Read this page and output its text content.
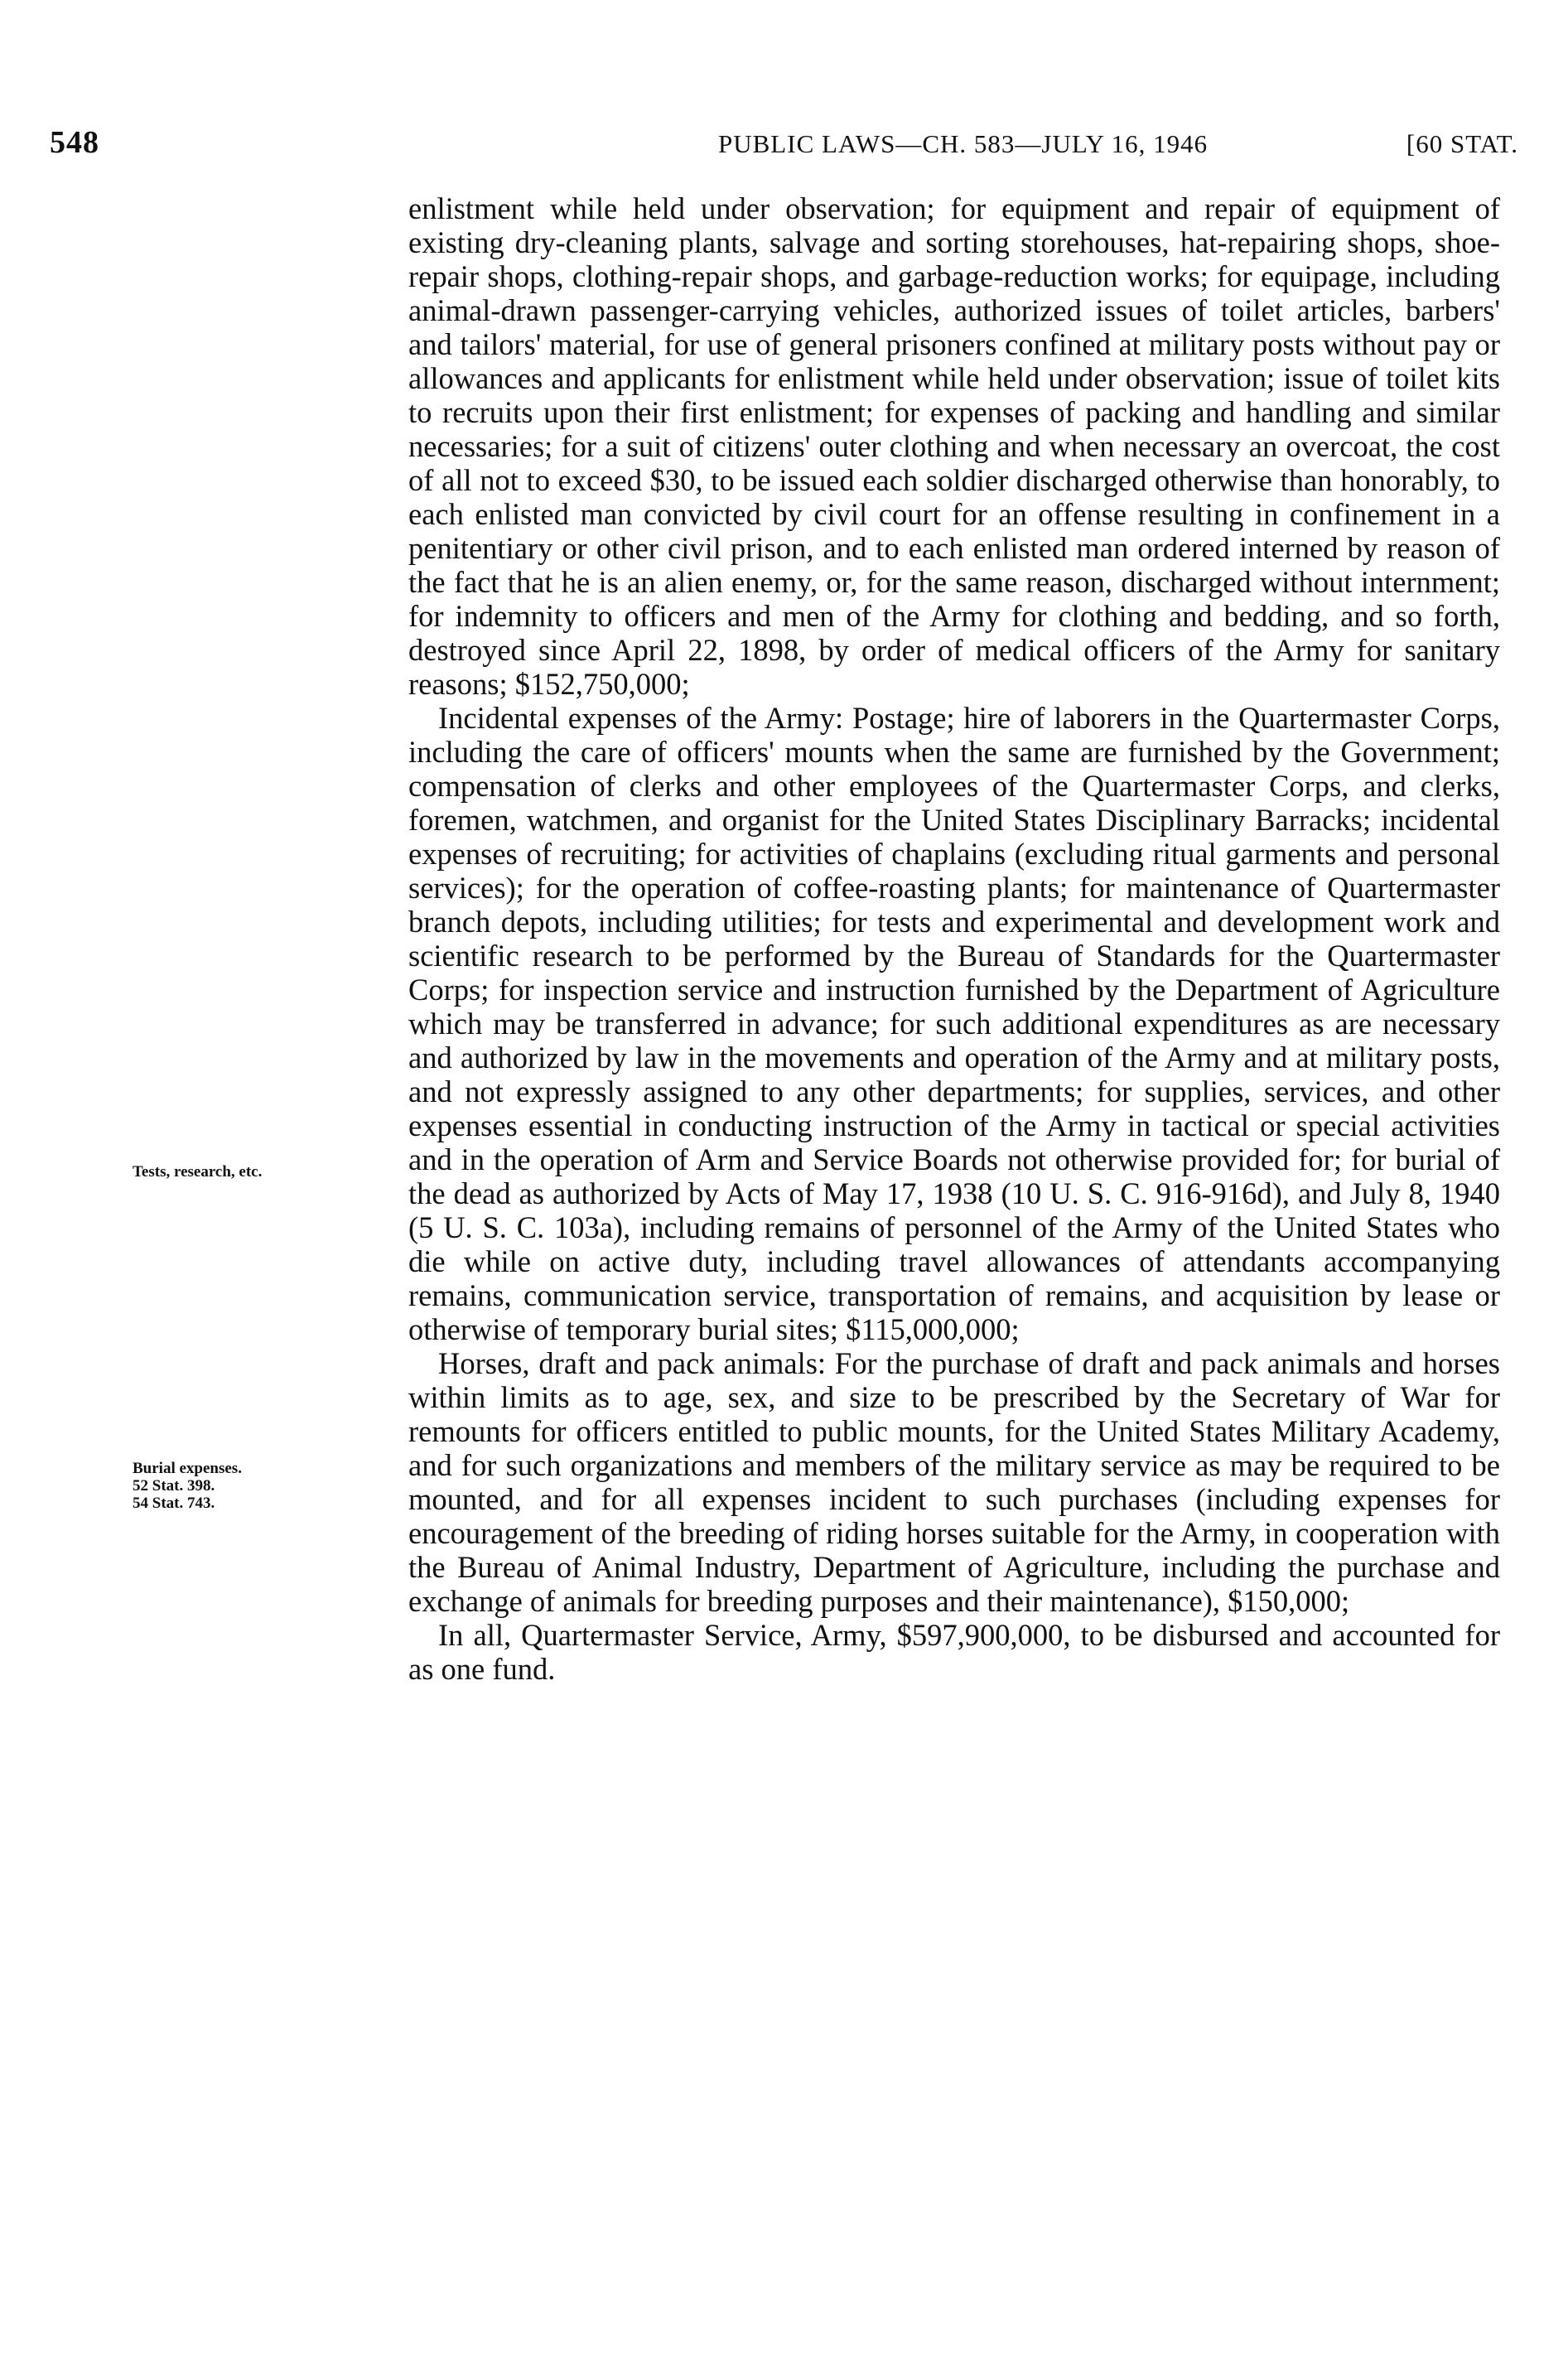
548	PUBLIC LAWS—CH. 583—JULY 16, 1946	[60 STAT.
Tests, research, etc.
Burial expenses.
52 Stat. 398.
54 Stat. 743.

enlistment while held under observation; for equipment and repair of equipment of existing dry-cleaning plants, salvage and sorting storehouses, hat-repairing shops, shoe-repair shops, clothing-repair shops, and garbage-reduction works; for equipage, including animal-drawn passenger-carrying vehicles, authorized issues of toilet articles, barbers' and tailors' material, for use of general prisoners confined at military posts without pay or allowances and applicants for enlistment while held under observation; issue of toilet kits to recruits upon their first enlistment; for expenses of packing and handling and similar necessaries; for a suit of citizens' outer clothing and when necessary an overcoat, the cost of all not to exceed $30, to be issued each soldier discharged otherwise than honorably, to each enlisted man convicted by civil court for an offense resulting in confinement in a penitentiary or other civil prison, and to each enlisted man ordered interned by reason of the fact that he is an alien enemy, or, for the same reason, discharged without internment; for indemnity to officers and men of the Army for clothing and bedding, and so forth, destroyed since April 22, 1898, by order of medical officers of the Army for sanitary reasons; $152,750,000;

Incidental expenses of the Army: Postage; hire of laborers in the Quartermaster Corps, including the care of officers' mounts when the same are furnished by the Government; compensation of clerks and other employees of the Quartermaster Corps, and clerks, foremen, watchmen, and organist for the United States Disciplinary Barracks; incidental expenses of recruiting; for activities of chaplains (excluding ritual garments and personal services); for the operation of coffee-roasting plants; for maintenance of Quartermaster branch depots, including utilities; for tests and experimental and development work and scientific research to be performed by the Bureau of Standards for the Quartermaster Corps; for inspection service and instruction furnished by the Department of Agriculture which may be transferred in advance; for such additional expenditures as are necessary and authorized by law in the movements and operation of the Army and at military posts, and not expressly assigned to any other departments; for supplies, services, and other expenses essential in conducting instruction of the Army in tactical or special activities and in the operation of Arm and Service Boards not otherwise provided for; for burial of the dead as authorized by Acts of May 17, 1938 (10 U. S. C. 916-916d), and July 8, 1940 (5 U. S. C. 103a), including remains of personnel of the Army of the United States who die while on active duty, including travel allowances of attendants accompanying remains, communication service, transportation of remains, and acquisition by lease or otherwise of temporary burial sites; $115,000,000;

Horses, draft and pack animals: For the purchase of draft and pack animals and horses within limits as to age, sex, and size to be prescribed by the Secretary of War for remounts for officers entitled to public mounts, for the United States Military Academy, and for such organizations and members of the military service as may be required to be mounted, and for all expenses incident to such purchases (including expenses for encouragement of the breeding of riding horses suitable for the Army, in cooperation with the Bureau of Animal Industry, Department of Agriculture, including the purchase and exchange of animals for breeding purposes and their maintenance), $150,000;

In all, Quartermaster Service, Army, $597,900,000, to be disbursed and accounted for as one fund.
